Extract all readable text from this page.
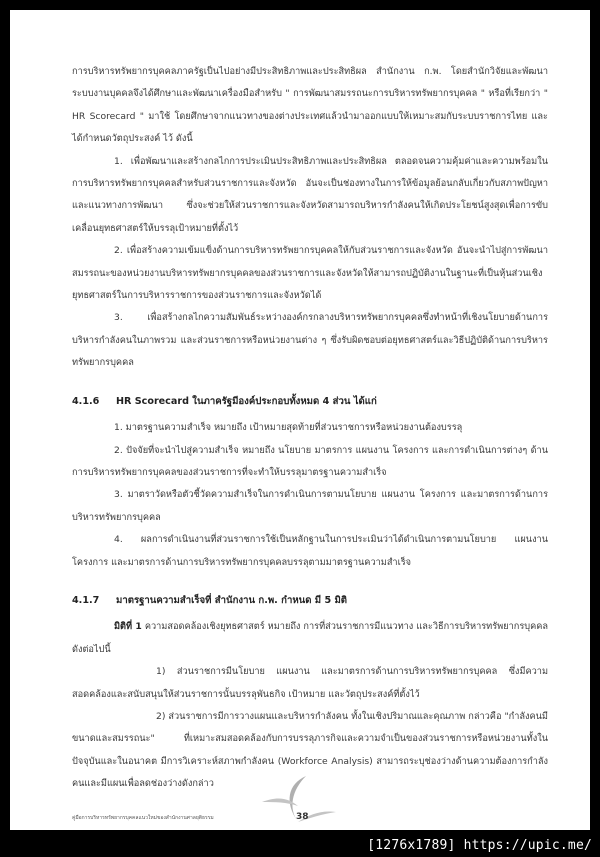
การบริหารทรัพยากรบุคคลภาครัฐเป็นไปอย่างมีประสิทธิภาพและประสิทธิผล สำนักงาน ก.พ. โดยสำนักวิจัยและพัฒนาระบบงานบุคคลจึงได้ศึกษาและพัฒนาเครื่องมือสำหรับ " การพัฒนาสมรรถนะการบริหารทรัพยากรบุคคล " หรือที่เรียกว่า " HR Scorecard " มาใช้ โดยศึกษาจากแนวทางของต่างประเทศแล้วนำมาออกแบบให้เหมาะสมกับระบบราชการไทย และได้กำหนดวัตถุประสงค์ ไว้ ดังนี้

1. เพื่อพัฒนาและสร้างกลไกการประเมินประสิทธิภาพและประสิทธิผล ตลอดจนความคุ้มค่าและความพร้อมในการบริหารทรัพยากรบุคคลสำหรับส่วนราชการและจังหวัด อันจะเป็นช่องทางในการให้ข้อมูลย้อนกลับเกี่ยวกับสภาพปัญหาและแนวทางการพัฒนา ซึ่งจะช่วยให้ส่วนราชการและจังหวัดสามารถบริหารกำลังคนให้เกิดประโยชน์สูงสุดเพื่อการขับเคลื่อนยุทธศาสตร์ให้บรรลุเป้าหมายที่ตั้งไว้

2. เพื่อสร้างความเข้มแข็งด้านการบริหารทรัพยากรบุคคลให้กับส่วนราชการและจังหวัด อันจะนำไปสู่การพัฒนาสมรรถนะของหน่วยงานบริหารทรัพยากรบุคคลของส่วนราชการและจังหวัดให้สามารถปฏิบัติงานในฐานะที่เป็นหุ้นส่วนเชิงยุทธศาสตร์ในการบริหารราชการของส่วนราชการและจังหวัดได้

3. เพื่อสร้างกลไกความสัมพันธ์ระหว่างองค์กรกลางบริหารทรัพยากรบุคคลซึ่งทำหน้าที่เชิงนโยบายด้านการบริหารกำลังคนในภาพรวม และส่วนราชการหรือหน่วยงานต่าง ๆ ซึ่งรับผิดชอบต่อยุทธศาสตร์และวิธีปฏิบัติด้านการบริหารทรัพยากรบุคคล

4.1.6	HR Scorecard ในภาครัฐมีองค์ประกอบทั้งหมด 4 ส่วน ได้แก่

1. มาตรฐานความสำเร็จ หมายถึง เป้าหมายสุดท้ายที่ส่วนราชการหรือหน่วยงานต้องบรรลุ

2. ปัจจัยที่จะนำไปสู่ความสำเร็จ หมายถึง นโยบาย มาตรการ แผนงาน โครงการ และการดำเนินการต่างๆ ด้านการบริหารทรัพยากรบุคคลของส่วนราชการที่จะทำให้บรรลุมาตรฐานความสำเร็จ

3. มาตราวัดหรือตัวชี้วัดความสำเร็จในการดำเนินการตามนโยบาย แผนงาน โครงการ และมาตรการด้านการบริหารทรัพยากรบุคคล

4. ผลการดำเนินงานที่ส่วนราชการใช้เป็นหลักฐานในการประเมินว่าได้ดำเนินการตามนโยบาย แผนงานโครงการ และมาตรการด้านการบริหารทรัพยากรบุคคลบรรลุตามมาตรฐานความสำเร็จ

4.1.7	มาตรฐานความสำเร็จที่ สำนักงาน ก.พ. กำหนด มี 5 มิติ

มิติที่ 1 ความสอดคล้องเชิงยุทธศาสตร์ หมายถึง การที่ส่วนราชการมีแนวทาง และวิธีการบริหารทรัพยากรบุคคล ดังต่อไปนี้

1) ส่วนราชการมีนโยบาย แผนงาน และมาตรการด้านการบริหารทรัพยากรบุคคล ซึ่งมีความสอดคล้องและสนับสนุนให้ส่วนราชการนั้นบรรลุพันธกิจ เป้าหมาย และวัตถุประสงค์ที่ตั้งไว้

2) ส่วนราชการมีการวางแผนและบริหารกำลังคน ทั้งในเชิงปริมาณและคุณภาพ กล่าวคือ "กำลังคนมีขนาดและสมรรถนะ" ที่เหมาะสมสอดคล้องกับการบรรลุภารกิจและความจำเป็นของส่วนราชการหรือหน่วยงานทั้งในปัจจุบันและในอนาคต มีการวิเคราะห์สภาพกำลังคน (Workforce Analysis) สามารถระบุช่องว่างด้านความต้องการกำลังคนและมีแผนเพื่อลดช่องว่างดังกล่าว

คู่มือการบริหารทรัพยากรบุคคลแนวใหม่ของสำนักงานศาลยุติธรรม	38
[1276x1789] https://upic.me/
